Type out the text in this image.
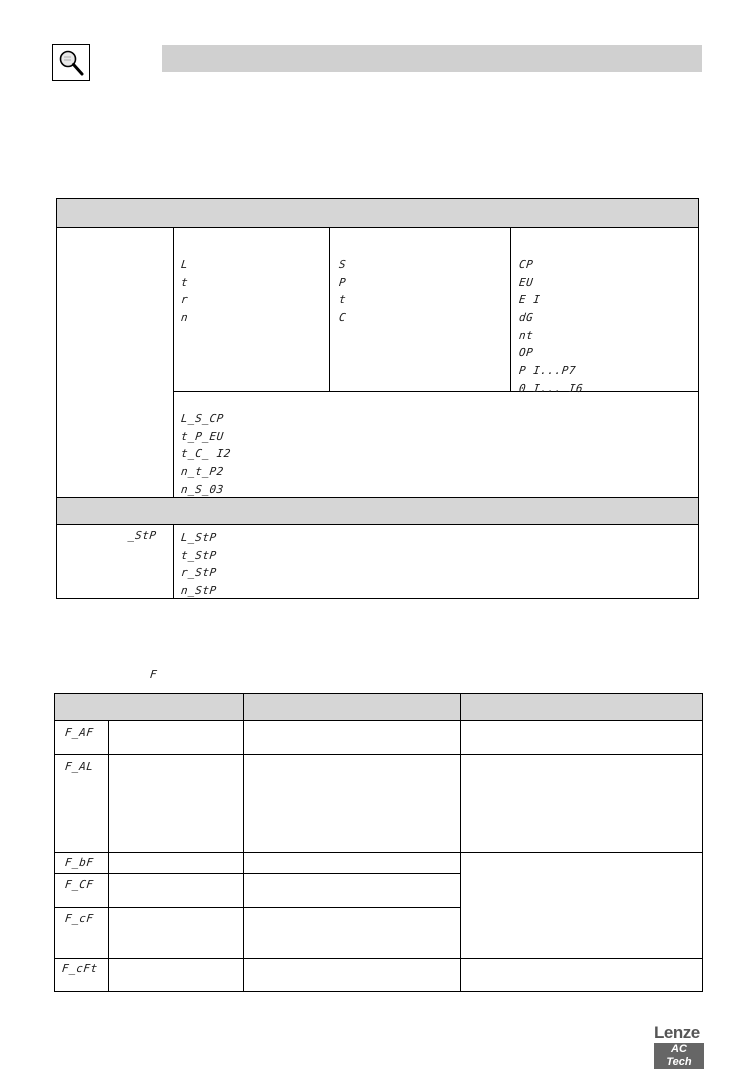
L
t
r
n
S
P
t
C
CP
EU
E I
dG
nt
OP
P I...P7
0 I... I6
L_S_CP
t_P_EU
t_C_ I2
n_t_P2
n_S_03
_StP L_StP
t_StP
r_StP
n_StP
F
F_AF
F_AL
F_bF
F_CF
F_cF
F_cFt
Lenze
AC Tech
